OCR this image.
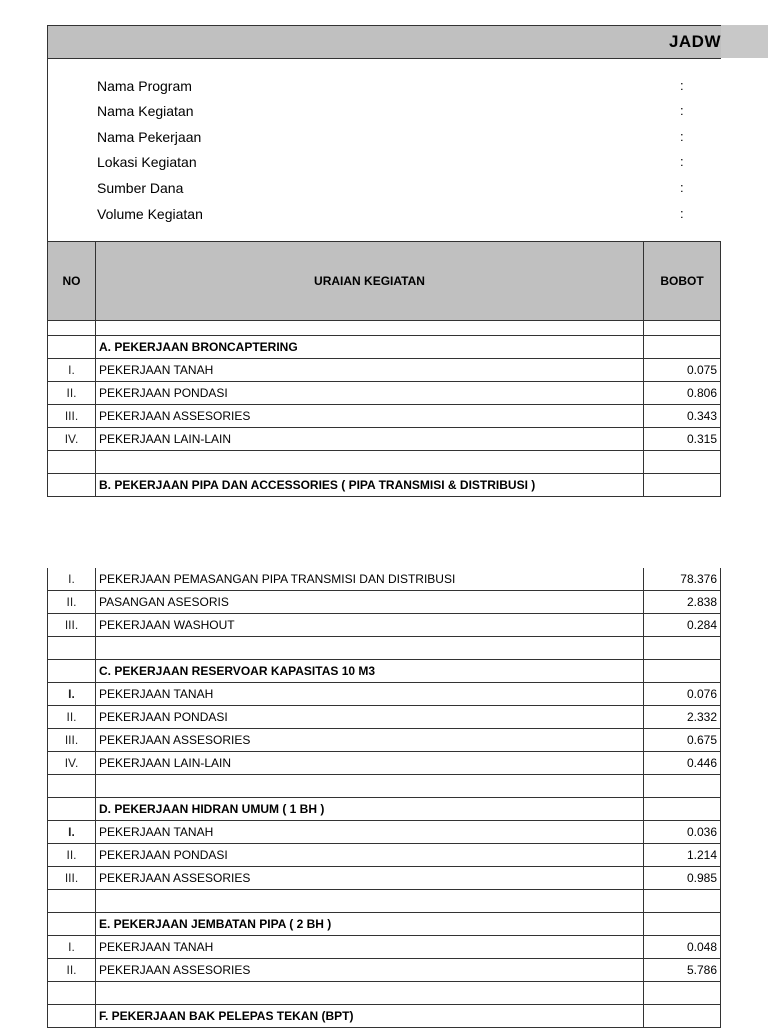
JADW
Nama Program	:
Nama Kegiatan	:
Nama Pekerjaan	:
Lokasi Kegiatan	:
Sumber Dana	:
Volume Kegiatan	:
NO	URAIAN KEGIATAN	BOBOT

	A. PEKERJAAN BRONCAPTERING	
I.	PEKERJAAN TANAH	0.075
II.	PEKERJAAN PONDASI	0.806
III.	PEKERJAAN ASSESORIES	0.343
IV.	PEKERJAAN LAIN-LAIN	0.315

	B. PEKERJAAN PIPA DAN ACCESSORIES ( PIPA TRANSMISI & DISTRIBUSI )	
I.	PEKERJAAN PEMASANGAN PIPA TRANSMISI DAN DISTRIBUSI	78.376
II.	PASANGAN ASESORIS	2.838
III.	PEKERJAAN WASHOUT	0.284

	C. PEKERJAAN RESERVOAR KAPASITAS 10 M3	
I.	PEKERJAAN TANAH	0.076
II.	PEKERJAAN PONDASI	2.332
III.	PEKERJAAN ASSESORIES	0.675
IV.	PEKERJAAN LAIN-LAIN	0.446

	D. PEKERJAAN HIDRAN UMUM ( 1 BH )	
I.	PEKERJAAN TANAH	0.036
II.	PEKERJAAN PONDASI	1.214
III.	PEKERJAAN ASSESORIES	0.985

	E. PEKERJAAN JEMBATAN PIPA ( 2 BH )	
I.	PEKERJAAN TANAH	0.048
II.	PEKERJAAN ASSESORIES	5.786

	F. PEKERJAAN BAK PELEPAS TEKAN (BPT)	
